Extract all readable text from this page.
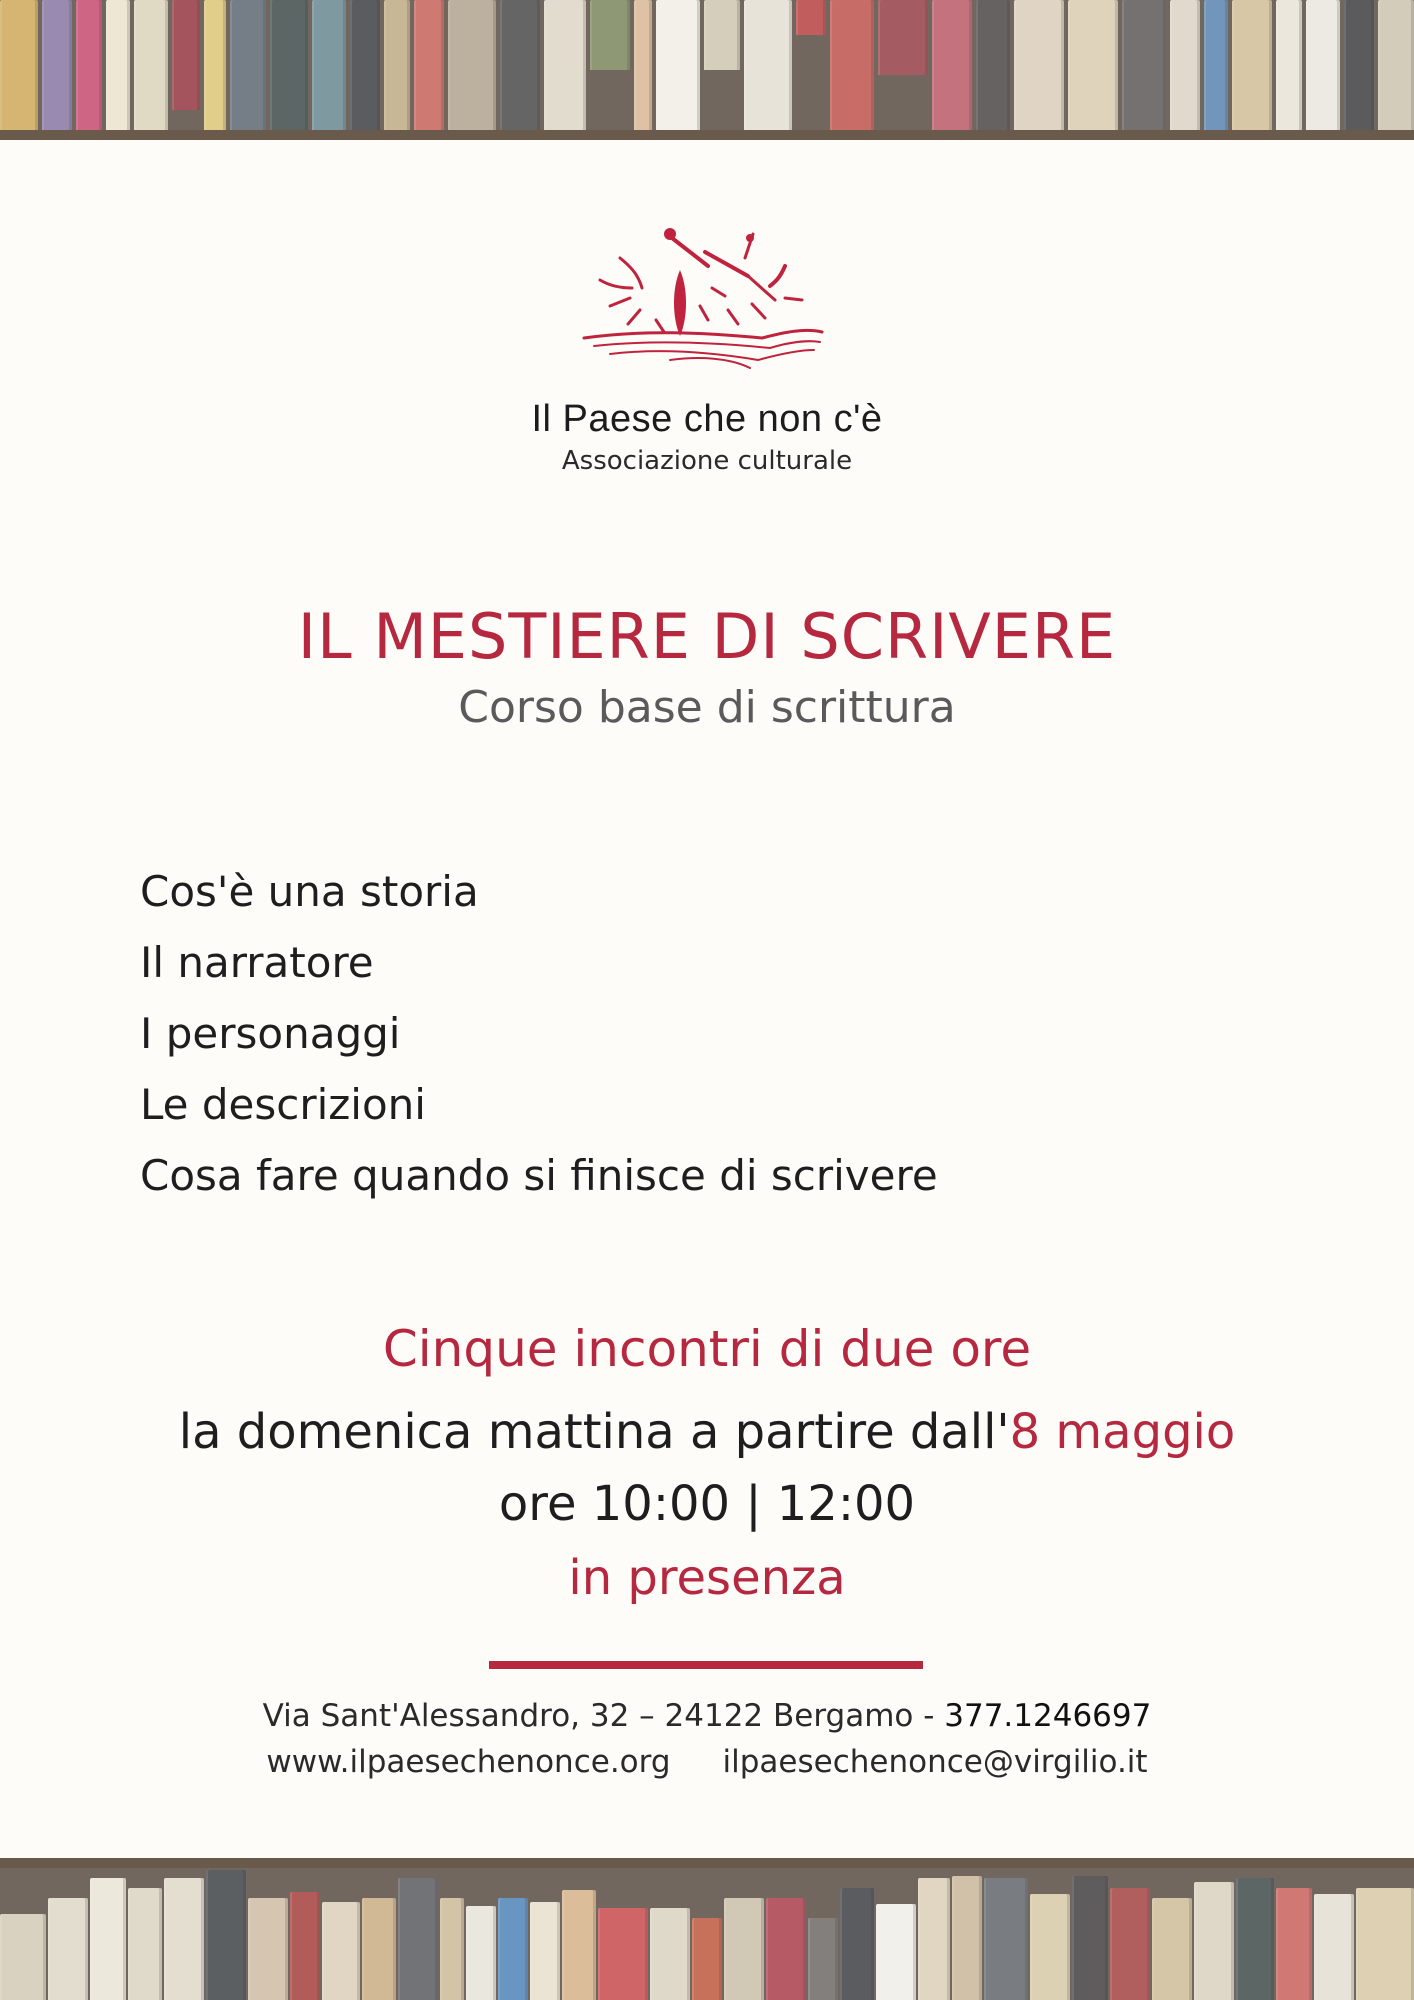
Il Paese che non c'è
Associazione culturale
IL MESTIERE DI SCRIVERE
Corso base di scrittura
Cos'è una storia
Il narratore
I personaggi
Le descrizioni
Cosa fare quando si finisce di scrivere
Cinque incontri di due ore
la domenica mattina a partire dall'8 maggio
ore 10:00 | 12:00
in presenza
Via Sant'Alessandro, 32 – 24122 Bergamo - 377.1246697
www.ilpaesechenonce.org ilpaesechenonce@virgilio.it
